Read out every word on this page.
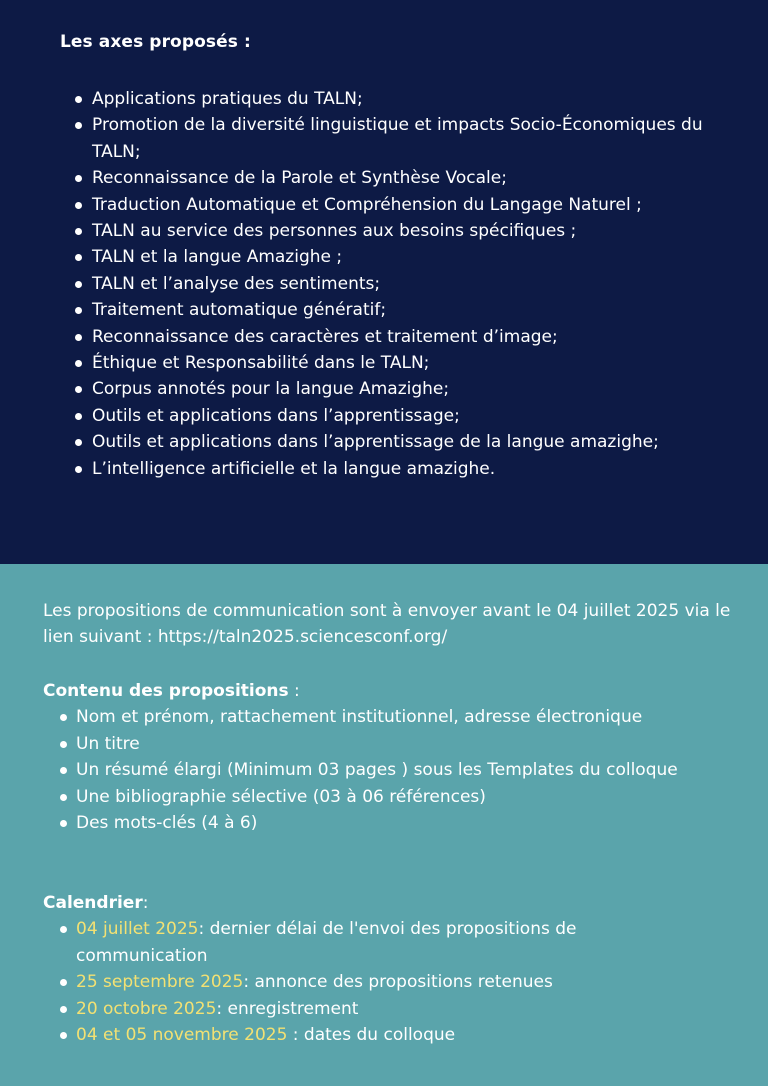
Les axes proposés :
Applications pratiques du TALN;
Promotion de la diversité linguistique et impacts Socio-Économiques du TALN;
Reconnaissance de la Parole et Synthèse Vocale;
Traduction Automatique et Compréhension du Langage Naturel ;
TALN au service des personnes aux besoins spécifiques ;
TALN et la langue Amazighe ;
TALN et l’analyse des sentiments;
Traitement automatique génératif;
Reconnaissance des caractères et traitement d’image;
Éthique et Responsabilité dans le TALN;
Corpus annotés pour la langue Amazighe;
Outils et applications dans l’apprentissage;
Outils et applications dans l’apprentissage de la langue amazighe;
L’intelligence artificielle et la langue amazighe.
Les propositions de communication sont à envoyer avant le 04 juillet 2025 via le lien suivant : https://taln2025.sciencesconf.org/
Contenu des propositions :
Nom et prénom, rattachement institutionnel, adresse électronique
Un titre
Un résumé élargi (Minimum 03 pages ) sous les Templates du colloque
Une bibliographie sélective (03 à 06 références)
Des mots-clés (4 à 6)
Calendrier:
04 juillet 2025: dernier délai de l'envoi des propositions de communication
25 septembre 2025: annonce des propositions retenues
20 octobre 2025: enregistrement
04 et 05 novembre 2025 : dates du colloque
